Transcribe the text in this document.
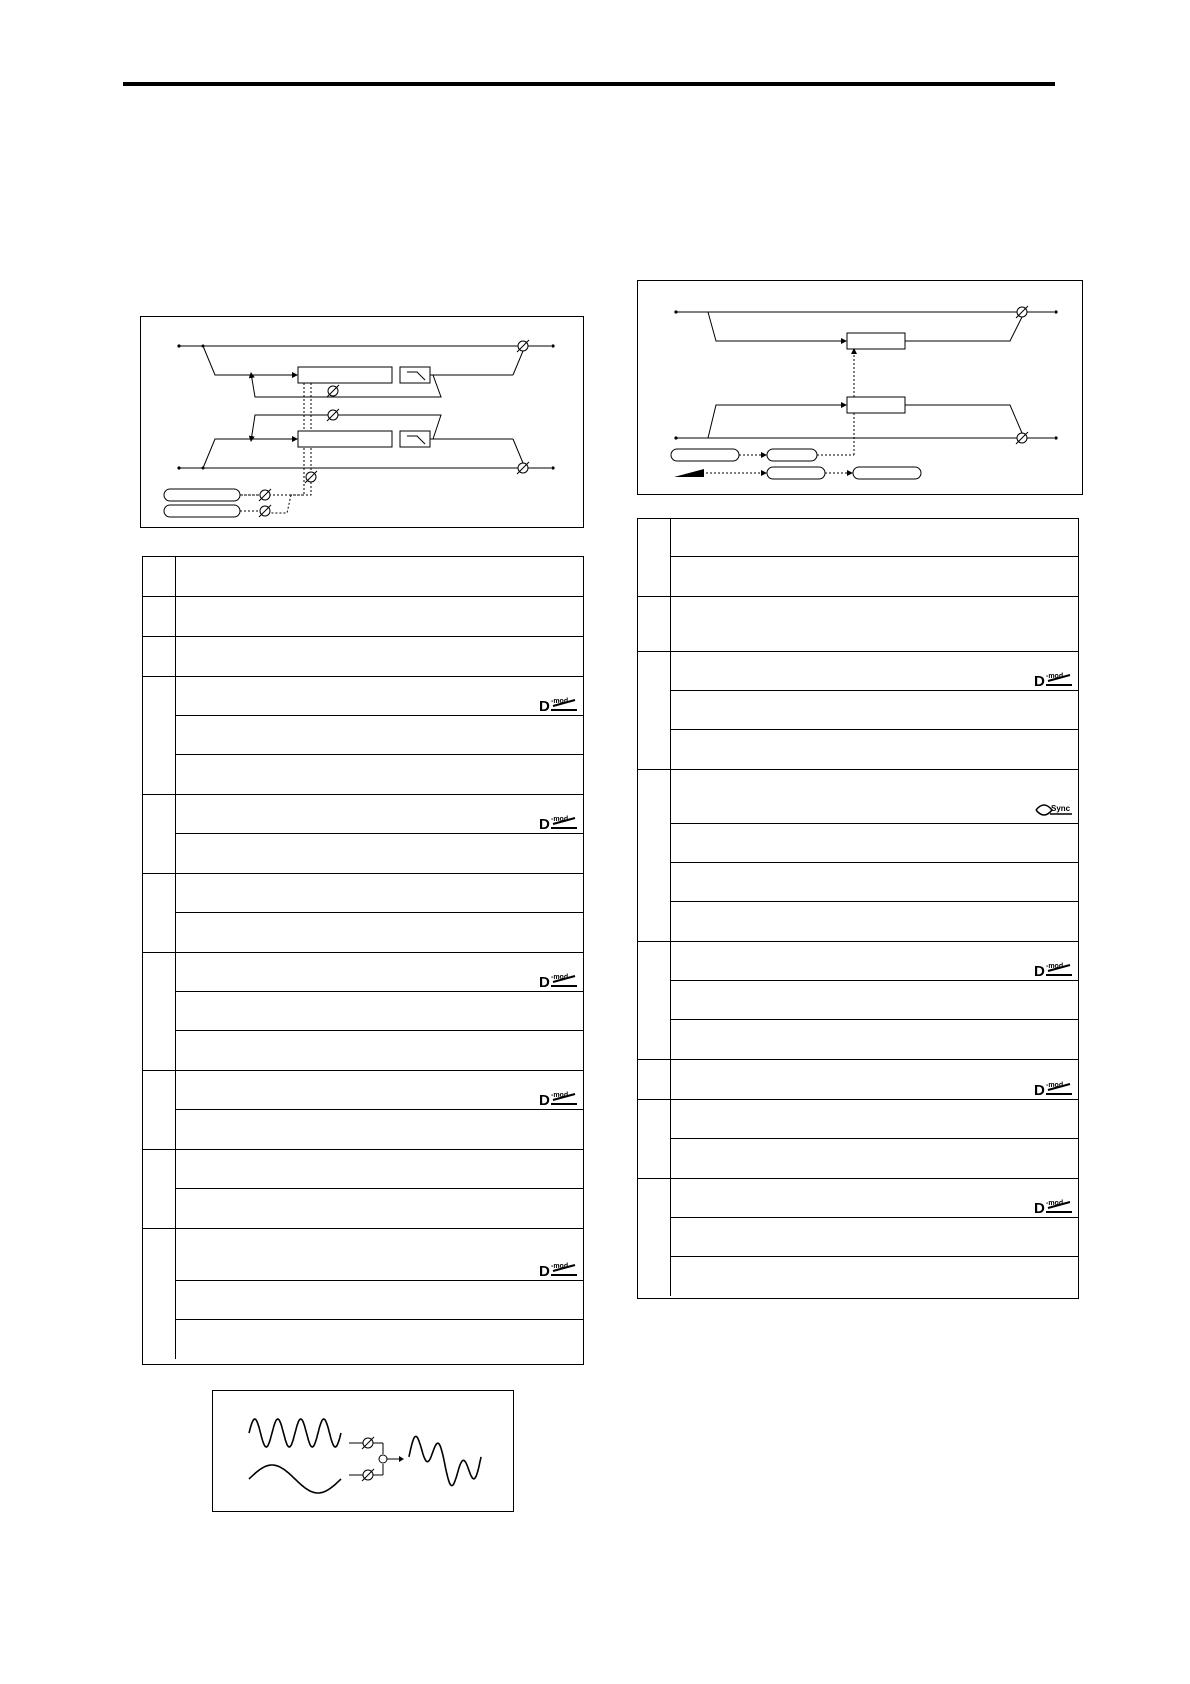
D -mod
D -mod
D -mod
D -mod
D -mod
D -mod
Sync
D -mod
D -mod
D -mod
